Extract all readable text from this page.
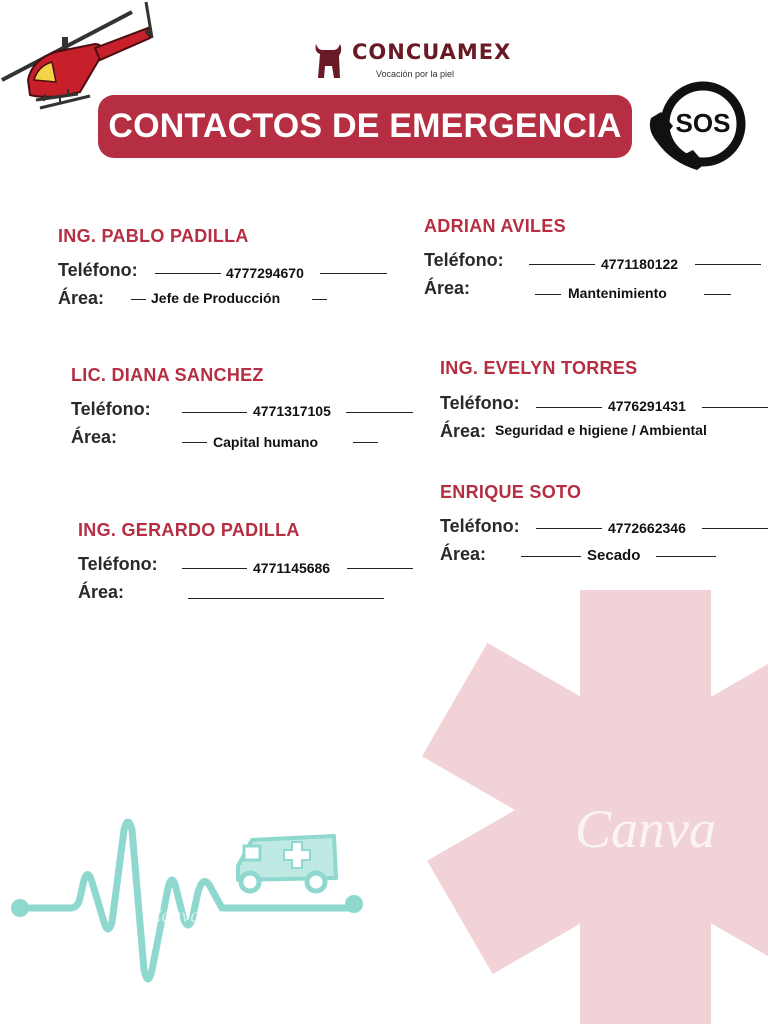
Canva
CONCUAMEX
Vocación por la piel
CONTACTOS DE EMERGENCIA	SOS
ING. PABLO PADILLA
Teléfono:	4777294670
Área:	Jefe de Producción
ADRIAN AVILES
Teléfono:	4771180122
Área:	Mantenimiento
LIC. DIANA SANCHEZ
Teléfono:	4771317105
Área:	Capital humano
ING. EVELYN TORRES
Teléfono:	4776291431
Área: Seguridad e higiene / Ambiental
ENRIQUE SOTO
Teléfono:	4772662346
Área:	Secado
ING. GERARDO PADILLA
Teléfono:	4771145686
Área:
Canva
